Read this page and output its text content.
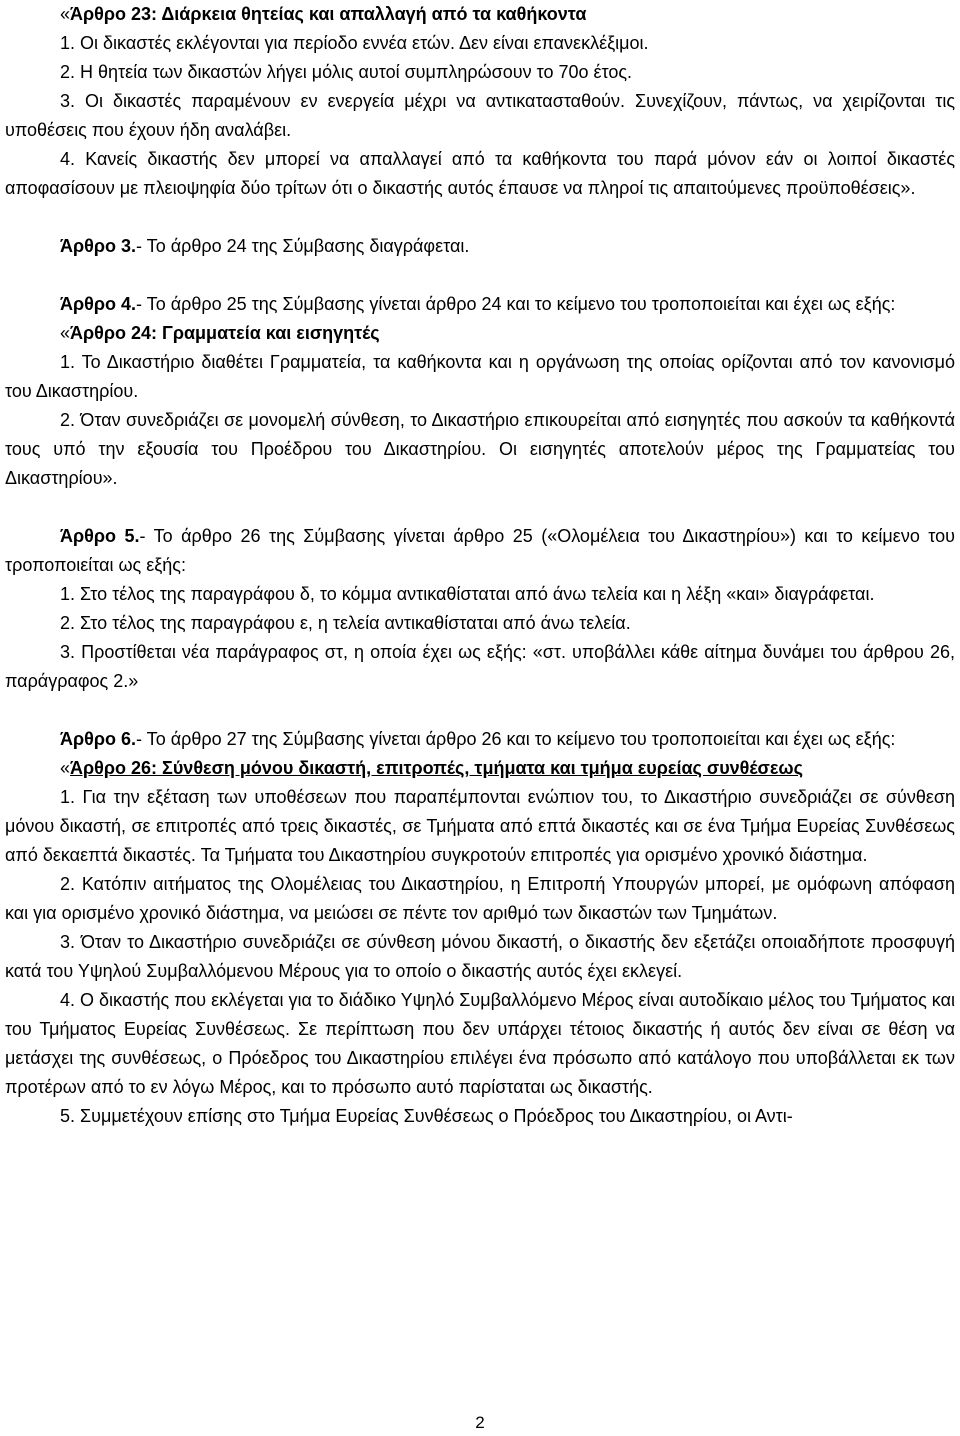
«Άρθρο 23: Διάρκεια θητείας και απαλλαγή από τα καθήκοντα

1. Οι δικαστές εκλέγονται για περίοδο εννέα ετών. Δεν είναι επανεκλέξιμοι.

2. Η θητεία των δικαστών λήγει μόλις αυτοί συμπληρώσουν το 70ο έτος.

3. Οι δικαστές παραμένουν εν ενεργεία μέχρι να αντικατασταθούν. Συνεχίζουν, πάντως, να χειρίζονται τις υποθέσεις που έχουν ήδη αναλάβει.

4. Κανείς δικαστής δεν μπορεί να απαλλαγεί από τα καθήκοντα του παρά μόνον εάν οι λοιποί δικαστές αποφασίσουν με πλειοψηφία δύο τρίτων ότι ο δικαστής αυτός έπαυσε να πληροί τις απαιτούμενες προϋποθέσεις».

Άρθρο 3.- Το άρθρο 24 της Σύμβασης διαγράφεται.

Άρθρο 4.- Το άρθρο 25 της Σύμβασης γίνεται άρθρο 24 και το κείμενο του τροποποιείται και έχει ως εξής:

«Άρθρο 24: Γραμματεία και εισηγητές

1. Το Δικαστήριο διαθέτει Γραμματεία, τα καθήκοντα και η οργάνωση της οποίας ορίζονται από τον κανονισμό του Δικαστηρίου.

2. Όταν συνεδριάζει σε μονομελή σύνθεση, το Δικαστήριο επικουρείται από εισηγητές που ασκούν τα καθήκοντά τους υπό την εξουσία του Προέδρου του Δικαστηρίου. Οι εισηγητές αποτελούν μέρος της Γραμματείας του Δικαστηρίου».

Άρθρο 5.- Το άρθρο 26 της Σύμβασης γίνεται άρθρο 25 («Ολομέλεια του Δικαστηρίου») και το κείμενο του τροποποιείται ως εξής:

1. Στο τέλος της παραγράφου δ, το κόμμα αντικαθίσταται από άνω τελεία και η λέξη «και» διαγράφεται.

2. Στο τέλος της παραγράφου ε, η τελεία αντικαθίσταται από άνω τελεία.

3. Προστίθεται νέα παράγραφος στ, η οποία έχει ως εξής: «στ. υποβάλλει κάθε αίτημα δυνάμει του άρθρου 26, παράγραφος 2.»

Άρθρο 6.- Το άρθρο 27 της Σύμβασης γίνεται άρθρο 26 και το κείμενο του τροποποιείται και έχει ως εξής:

«Άρθρο 26: Σύνθεση μόνου δικαστή, επιτροπές, τμήματα και τμήμα ευρείας συνθέσεως

1. Για την εξέταση των υποθέσεων που παραπέμπονται ενώπιον του, το Δικαστήριο συνεδριάζει σε σύνθεση μόνου δικαστή, σε επιτροπές από τρεις δικαστές, σε Τμήματα από επτά δικαστές και σε ένα Τμήμα Ευρείας Συνθέσεως από δεκαεπτά δικαστές. Τα Τμήματα του Δικαστηρίου συγκροτούν επιτροπές για ορισμένο χρονικό διάστημα.

2. Κατόπιν αιτήματος της Ολομέλειας του Δικαστηρίου, η Επιτροπή Υπουργών μπορεί, με ομόφωνη απόφαση και για ορισμένο χρονικό διάστημα, να μειώσει σε πέντε τον αριθμό των δικαστών των Τμημάτων.

3. Όταν το Δικαστήριο συνεδριάζει σε σύνθεση μόνου δικαστή, ο δικαστής δεν εξετάζει οποιαδήποτε προσφυγή κατά του Υψηλού Συμβαλλόμενου Μέρους για το οποίο ο δικαστής αυτός έχει εκλεγεί.

4. Ο δικαστής που εκλέγεται για το διάδικο Υψηλό Συμβαλλόμενο Μέρος είναι αυτοδίκαιο μέλος του Τμήματος και του Τμήματος Ευρείας Συνθέσεως. Σε περίπτωση που δεν υπάρχει τέτοιος δικαστής ή αυτός δεν είναι σε θέση να μετάσχει της συνθέσεως, ο Πρόεδρος του Δικαστηρίου επιλέγει ένα πρόσωπο από κατάλογο που υποβάλλεται εκ των προτέρων από το εν λόγω Μέρος, και το πρόσωπο αυτό παρίσταται ως δικαστής.

5. Συμμετέχουν επίσης στο Τμήμα Ευρείας Συνθέσεως ο Πρόεδρος του Δικαστηρίου, οι Αντι-

2
